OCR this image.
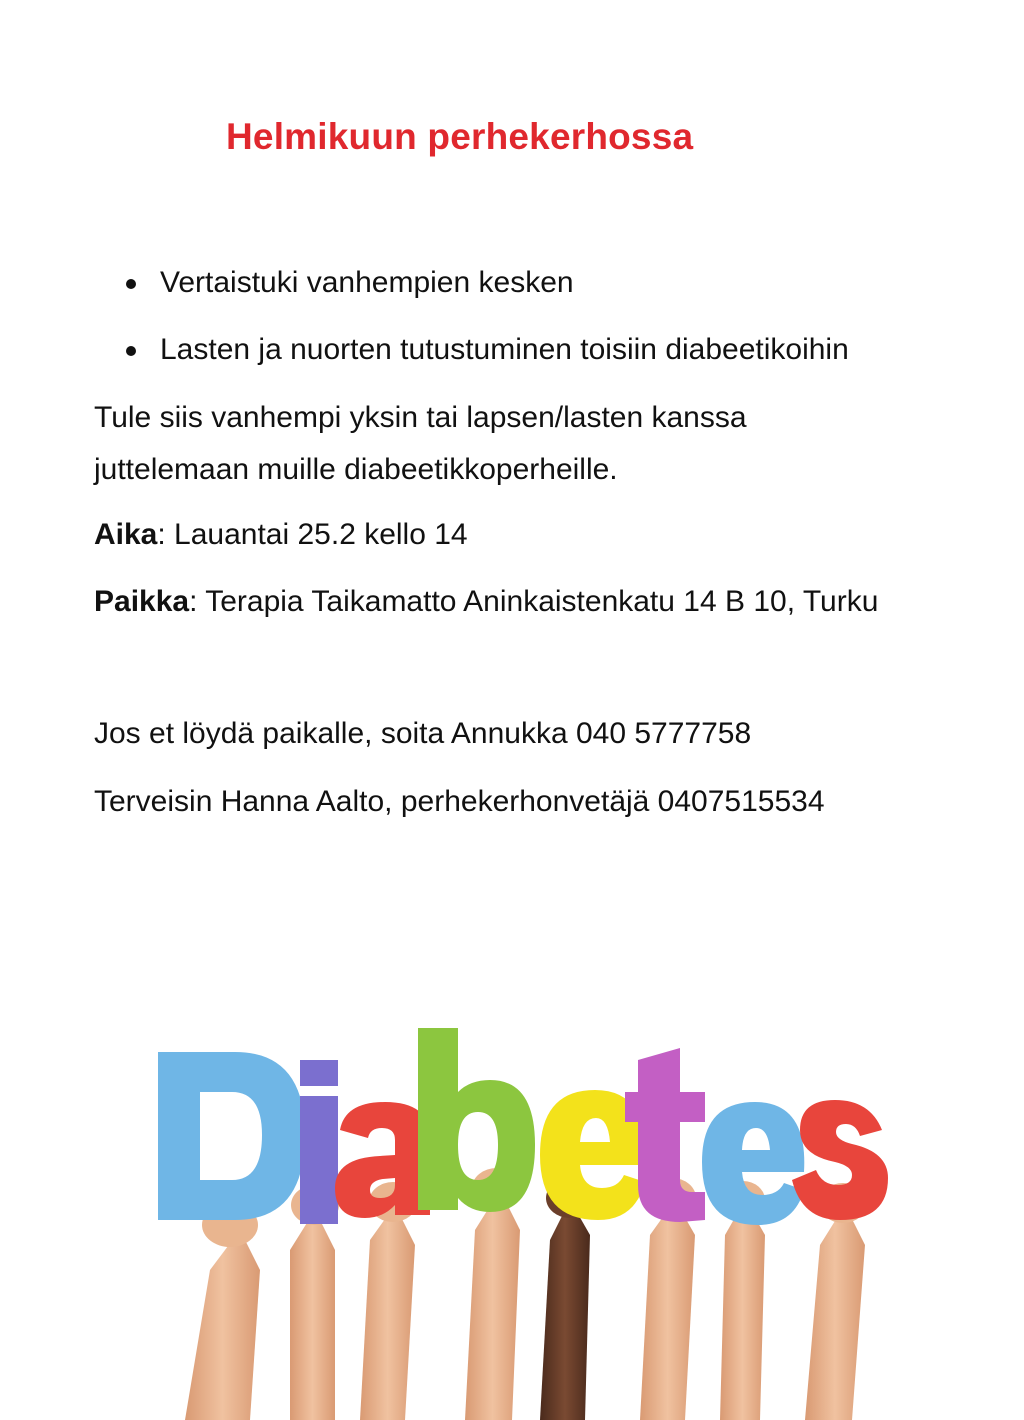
Helmikuun perhekerhossa
Vertaistuki vanhempien kesken
Lasten ja nuorten tutustuminen toisiin diabeetikoihin
Tule siis vanhempi yksin tai lapsen/lasten kanssa
juttelemaan muille diabeetikkoperheille.
Aika: Lauantai 25.2 kello 14
Paikka: Terapia Taikamatto Aninkaistenkatu 14 B 10, Turku
Jos et löydä paikalle, soita Annukka 040 5777758
Terveisin Hanna Aalto, perhekerhonvetäjä 0407515534
